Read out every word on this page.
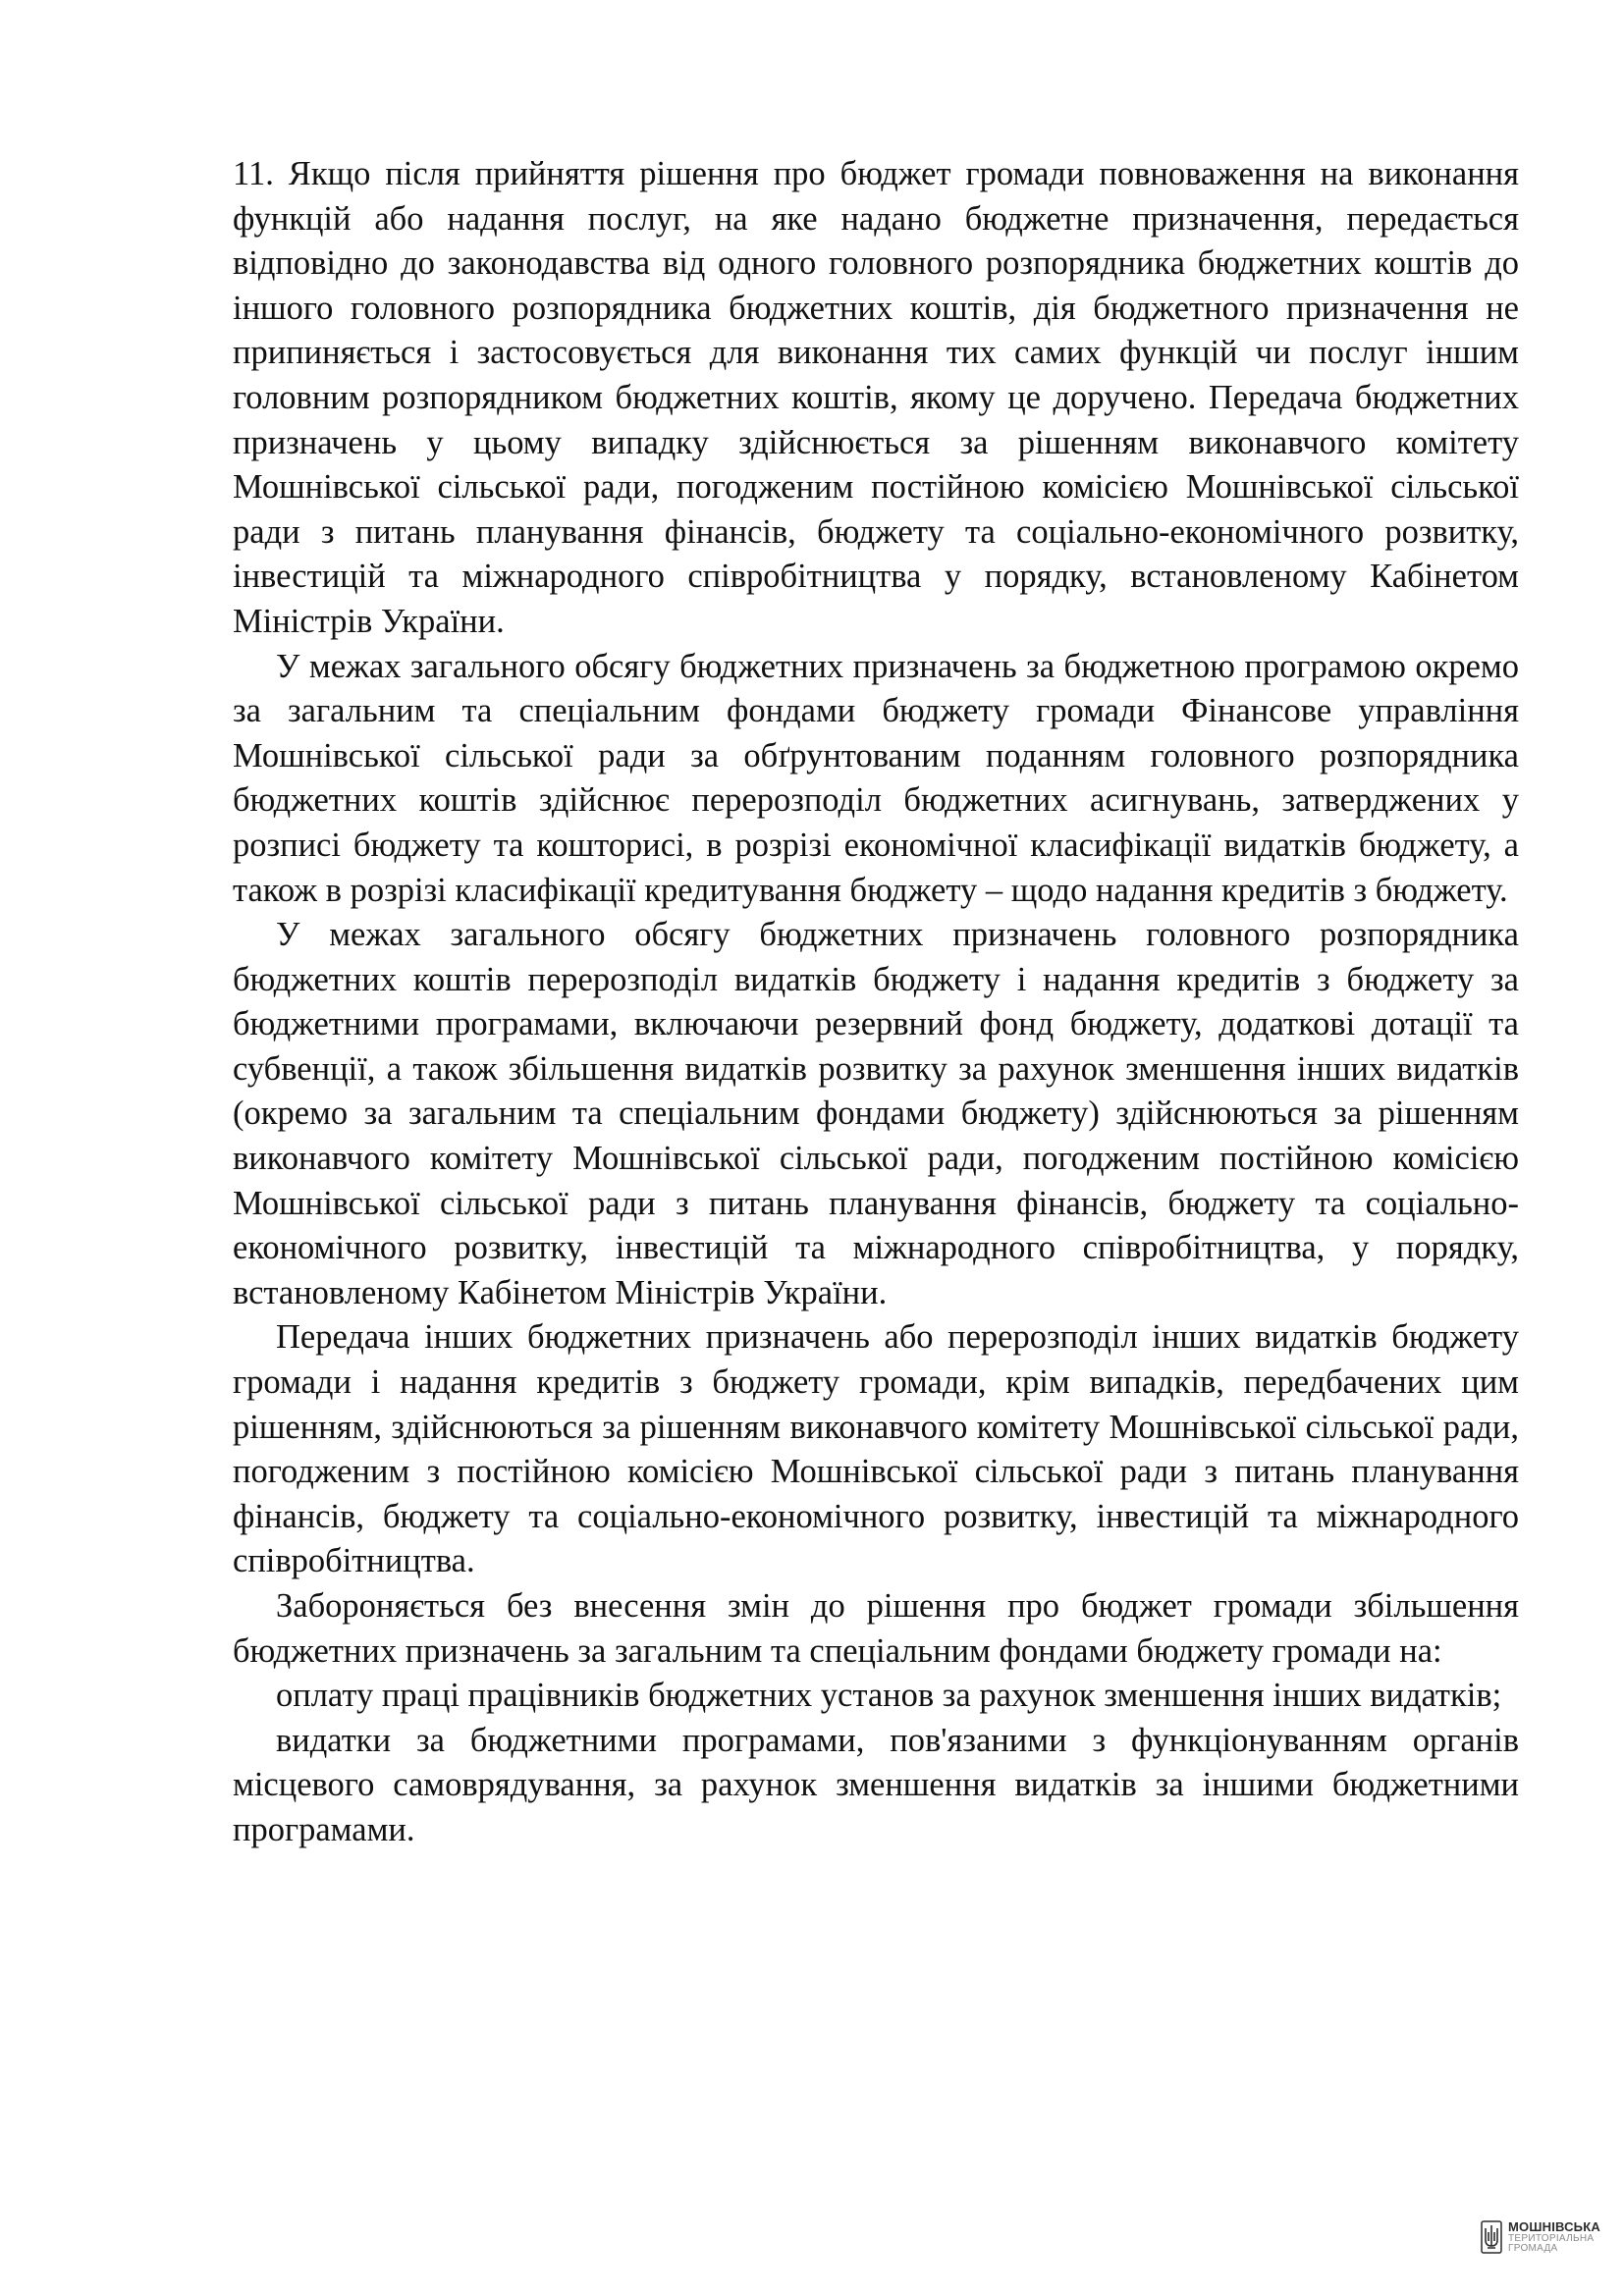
11. Якщо після прийняття рішення про бюджет громади повноваження на виконання функцій або надання послуг, на яке надано бюджетне призначення, передається відповідно до законодавства від одного головного розпорядника бюджетних коштів до іншого головного розпорядника бюджетних коштів, дія бюджетного призначення не припиняється і застосовується для виконання тих самих функцій чи послуг іншим головним розпорядником бюджетних коштів, якому це доручено. Передача бюджетних призначень у цьому випадку здійснюється за рішенням виконавчого комітету Мошнівської сільської ради, погодженим постійною комісією Мошнівської сільської ради з питань планування фінансів, бюджету та соціально-економічного розвитку, інвестицій та міжнародного співробітництва у порядку, встановленому Кабінетом Міністрів України.

У межах загального обсягу бюджетних призначень за бюджетною програмою окремо за загальним та спеціальним фондами бюджету громади Фінансове управління Мошнівської сільської ради за обґрунтованим поданням головного розпорядника бюджетних коштів здійснює перерозподіл бюджетних асигнувань, затверджених у розписі бюджету та кошторисі, в розрізі економічної класифікації видатків бюджету, а також в розрізі класифікації кредитування бюджету – щодо надання кредитів з бюджету.

У межах загального обсягу бюджетних призначень головного розпорядника бюджетних коштів перерозподіл видатків бюджету і надання кредитів з бюджету за бюджетними програмами, включаючи резервний фонд бюджету, додаткові дотації та субвенції, а також збільшення видатків розвитку за рахунок зменшення інших видатків (окремо за загальним та спеціальним фондами бюджету) здійснюються за рішенням виконавчого комітету Мошнівської сільської ради, погодженим постійною комісією Мошнівської сільської ради з питань планування фінансів, бюджету та соціально-економічного розвитку, інвестицій та міжнародного співробітництва, у порядку, встановленому Кабінетом Міністрів України.

Передача інших бюджетних призначень або перерозподіл інших видатків бюджету громади і надання кредитів з бюджету громади, крім випадків, передбачених цим рішенням, здійснюються за рішенням виконавчого комітету Мошнівської сільської ради, погодженим з постійною комісією Мошнівської сільської ради з питань планування фінансів, бюджету та соціально-економічного розвитку, інвестицій та міжнародного співробітництва.

Забороняється без внесення змін до рішення про бюджет громади збільшення бюджетних призначень за загальним та спеціальним фондами бюджету громади на:

оплату праці працівників бюджетних установ за рахунок зменшення інших видатків;

видатки за бюджетними програмами, пов'язаними з функціонуванням органів місцевого самоврядування, за рахунок зменшення видатків за іншими бюджетними програмами.

МОШНІВСЬКА
ТЕРИТОРІАЛЬНА
ГРОМАДА
